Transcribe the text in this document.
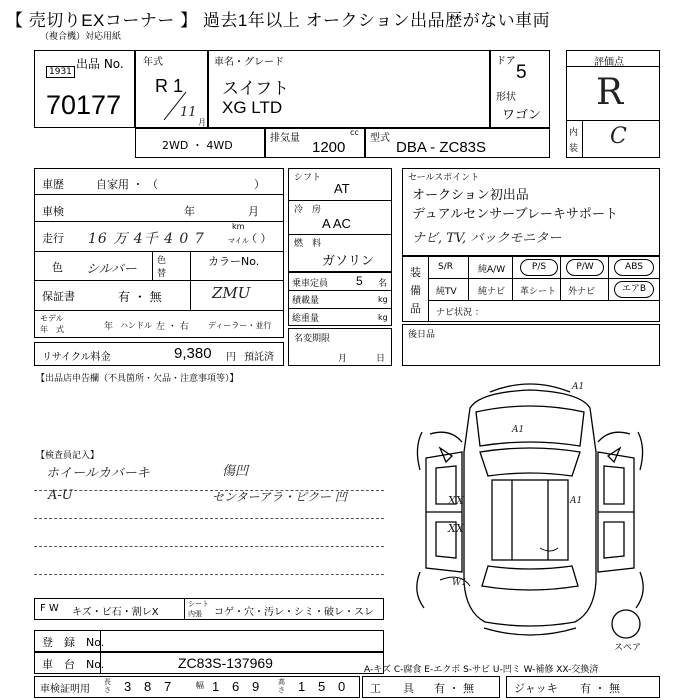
【 売切りEXコーナー 】 過去1年以上 オークション出品歴がない車両
（複合機）対応用紙
出品 No.
1931
70177
年式
R 1
11
月
車名・グレード
スイフト
XG LTD
ドア
5
形状
ワゴン
評価点
R
内
装 C
2WD ・ 4WD
排気量
cc
1200
型式
DBA - ZC83S
車歴	自家用 ・ （	）
車検	年	月
走行 16 万 4千 4 0 7
km
マイル
（ ）
色 シルバー
色
替
カラーNo.
保証書	有 ・ 無	ZMU
モデル
年　式	年 ハンドル 左 ・ 右 ディーラー・並行
リサイクル料金	9,380 円 預託済
シフト
AT
冷　房
A AC
燃　料
ガソリン
乗車定員 5 名
積載量	kg
総重量	kg
名変期限
月	日
セールスポイント
オークション初出品
デュアルセンサーブレーキサポート
ナビ, TV, バックモニター
装
備
品
S/R	純A/W	P/S	P/W	ABS
純TV 純ナビ 革シート 外ナビ	エアB
ナビ状況 ：
後日品
【出品店申告欄（不具箇所・欠品・注意事項等）】
【検査員記入】
ホイールカバーキ	傷凹
A-U	センターアラ・ピクー 凹
A1
A1
XX
XX
A1
W1
スペア
F W キズ・ビ石・割レX
シート
内張 コゲ・穴・汚レ・シミ・破レ・スレ
登　録　No.
車　台　No.	ZC83S-137969	A-キズ C-腐食 E-エクボ S-サビ U-凹ミ W-補修 XX-交換済
車検証明用
長さ 3 8 7	幅 1 6 9	高さ 1 5 0 工　　具 有 ・ 無	ジャッキ 有 ・ 無
